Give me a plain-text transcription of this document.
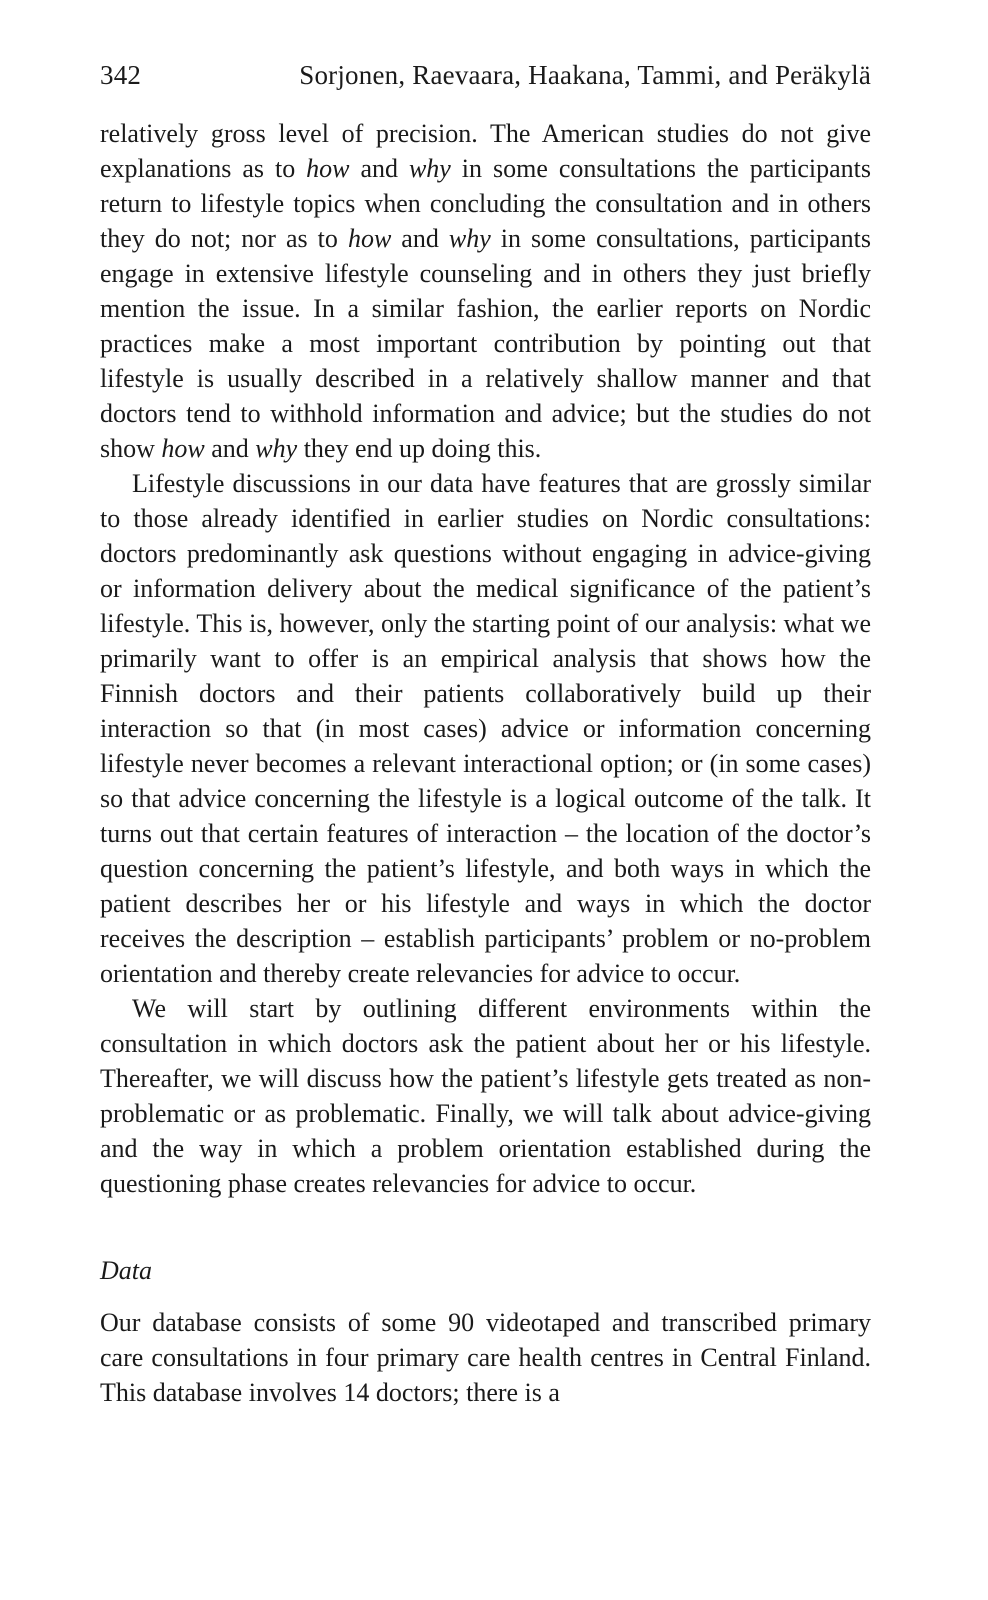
342	Sorjonen, Raevaara, Haakana, Tammi, and Peräkylä

relatively gross level of precision. The American studies do not give explanations as to how and why in some consultations the participants return to lifestyle topics when concluding the consultation and in others they do not; nor as to how and why in some consultations, participants engage in extensive lifestyle counseling and in others they just briefly mention the issue. In a similar fashion, the earlier reports on Nordic practices make a most important contribution by pointing out that lifestyle is usually described in a relatively shallow manner and that doctors tend to withhold information and advice; but the studies do not show how and why they end up doing this.

Lifestyle discussions in our data have features that are grossly similar to those already identified in earlier studies on Nordic consultations: doctors predominantly ask questions without engaging in advice-giving or information delivery about the medical significance of the patient’s lifestyle. This is, however, only the starting point of our analysis: what we primarily want to offer is an empirical analysis that shows how the Finnish doctors and their patients collaboratively build up their interaction so that (in most cases) advice or information concerning lifestyle never becomes a relevant interactional option; or (in some cases) so that advice concerning the lifestyle is a logical outcome of the talk. It turns out that certain features of interaction – the location of the doctor’s question concerning the patient’s lifestyle, and both ways in which the patient describes her or his lifestyle and ways in which the doctor receives the description – establish participants’ problem or no-problem orientation and thereby create relevancies for advice to occur.

We will start by outlining different environments within the consultation in which doctors ask the patient about her or his lifestyle. Thereafter, we will discuss how the patient’s lifestyle gets treated as non-problematic or as problematic. Finally, we will talk about advice-giving and the way in which a problem orientation established during the questioning phase creates relevancies for advice to occur.

Data

Our database consists of some 90 videotaped and transcribed primary care consultations in four primary care health centres in Central Finland. This database involves 14 doctors; there is a
